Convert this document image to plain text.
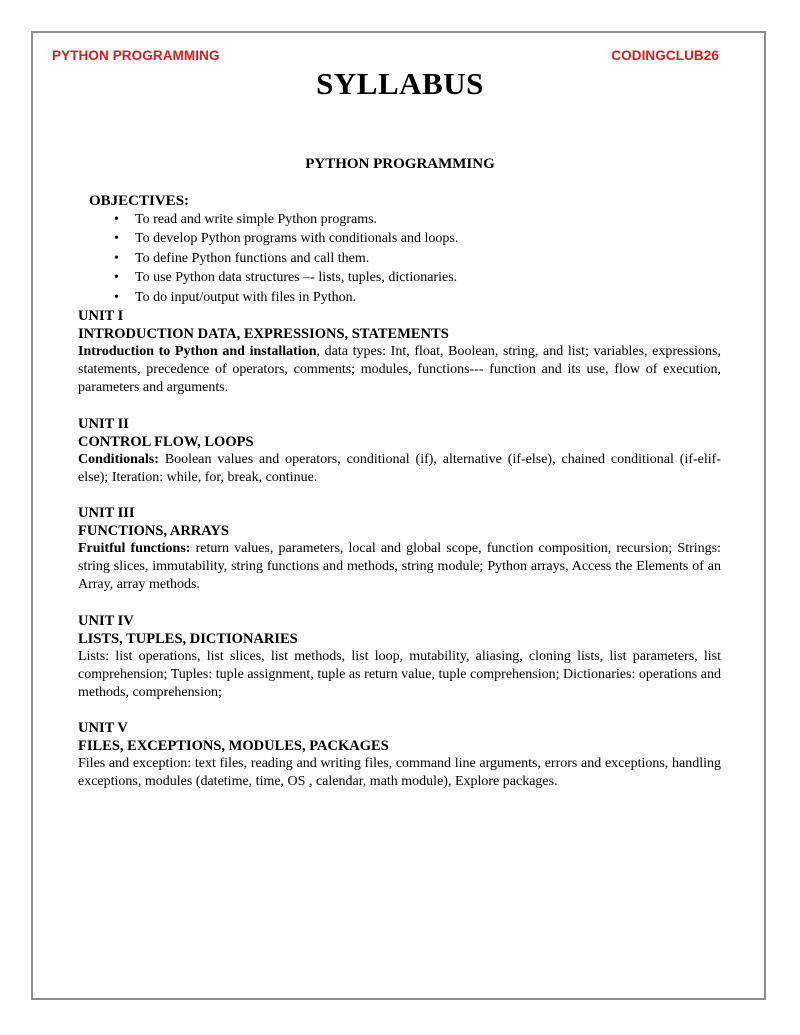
PYTHON PROGRAMMING	CODINGCLUB26
SYLLABUS
PYTHON PROGRAMMING
OBJECTIVES:
• To read and write simple Python programs.
• To develop Python programs with conditionals and loops.
• To define Python functions and call them.
• To use Python data structures –- lists, tuples, dictionaries.
• To do input/output with files in Python.
UNIT I
INTRODUCTION DATA, EXPRESSIONS, STATEMENTS
Introduction to Python and installation, data types: Int, float, Boolean, string, and list; variables, expressions, statements, precedence of operators, comments; modules, functions--- function and its use, flow of execution, parameters and arguments.
UNIT II
CONTROL FLOW, LOOPS
Conditionals: Boolean values and operators, conditional (if), alternative (if-else), chained conditional (if-elif-else); Iteration: while, for, break, continue.
UNIT III
FUNCTIONS, ARRAYS
Fruitful functions: return values, parameters, local and global scope, function composition, recursion; Strings: string slices, immutability, string functions and methods, string module; Python arrays, Access the Elements of an Array, array methods.
UNIT IV
LISTS, TUPLES, DICTIONARIES
Lists: list operations, list slices, list methods, list loop, mutability, aliasing, cloning lists, list parameters, list comprehension; Tuples: tuple assignment, tuple as return value, tuple comprehension; Dictionaries: operations and methods, comprehension;
UNIT V
FILES, EXCEPTIONS, MODULES, PACKAGES
Files and exception: text files, reading and writing files, command line arguments, errors and exceptions, handling exceptions, modules (datetime, time, OS , calendar, math module), Explore packages.
